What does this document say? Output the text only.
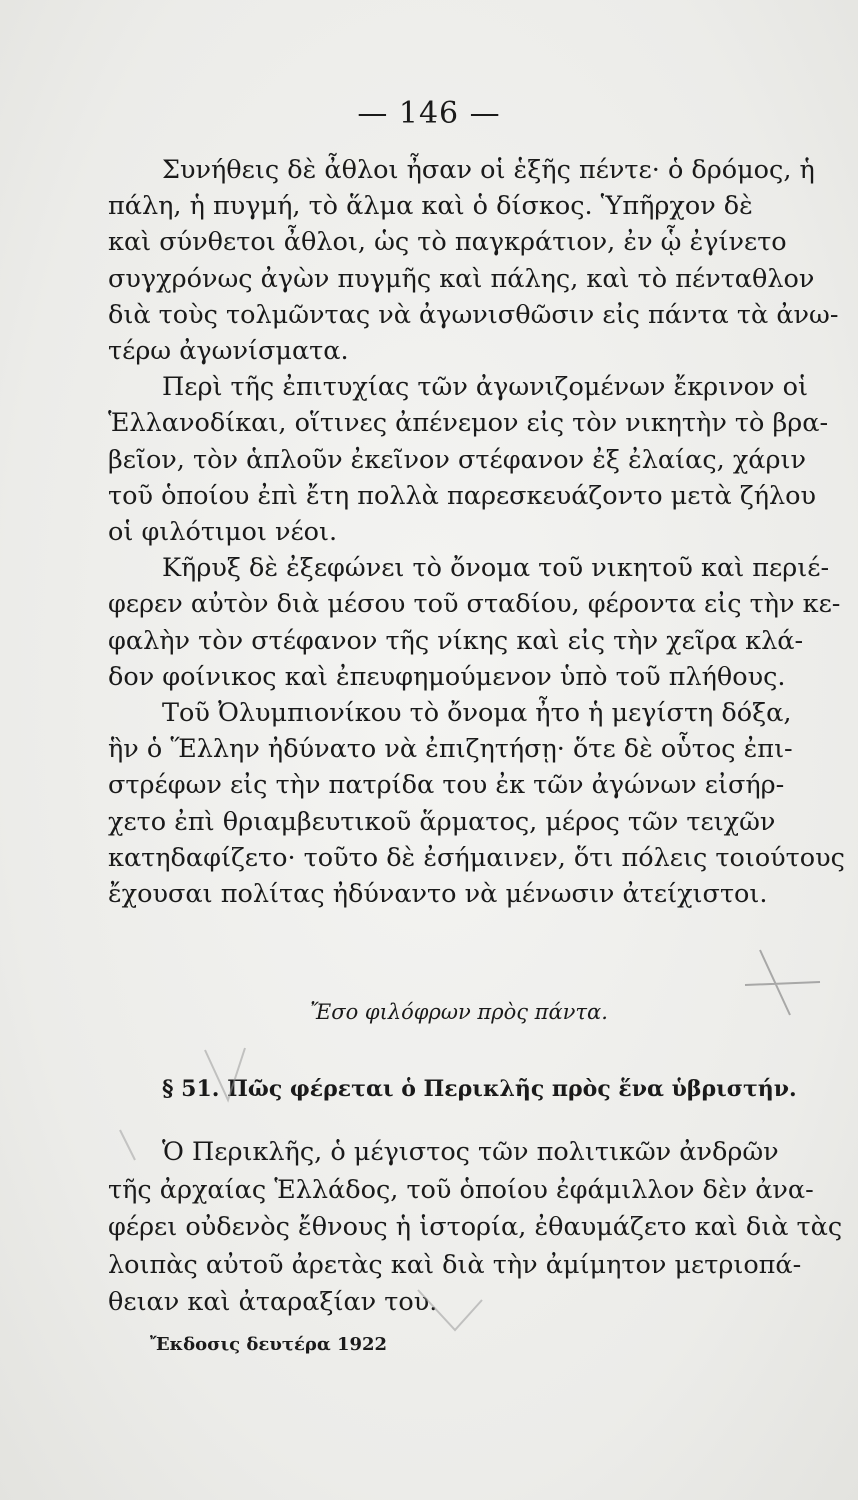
— 146 —

Συνήθεις δὲ ἆθλοι ἦσαν οἱ ἑξῆς πέντε· ὁ δρόμος, ἡ
πάλη, ἡ πυγμή, τὸ ἅλμα καὶ ὁ δίσκος. Ὑπῆρχον δὲ
καὶ σύνθετοι ἆθλοι, ὡς τὸ παγκράτιον, ἐν ᾧ ἐγίνετο
συγχρόνως ἀγὼν πυγμῆς καὶ πάλης, καὶ τὸ πένταθλον
διὰ τοὺς τολμῶντας νὰ ἀγωνισθῶσιν εἰς πάντα τὰ ἀνω-
τέρω ἀγωνίσματα.

Περὶ τῆς ἐπιτυχίας τῶν ἀγωνιζομένων ἔκρινον οἱ
Ἑλλανοδίκαι, οἵτινες ἀπένεμον εἰς τὸν νικητὴν τὸ βρα-
βεῖον, τὸν ἁπλοῦν ἐκεῖνον στέφανον ἐξ ἐλαίας, χάριν
τοῦ ὁποίου ἐπὶ ἔτη πολλὰ παρεσκευάζοντο μετὰ ζήλου
οἱ φιλότιμοι νέοι.

Κῆρυξ δὲ ἐξεφώνει τὸ ὄνομα τοῦ νικητοῦ καὶ περιέ-
φερεν αὐτὸν διὰ μέσου τοῦ σταδίου, φέροντα εἰς τὴν κε-
φαλὴν τὸν στέφανον τῆς νίκης καὶ εἰς τὴν χεῖρα κλά-
δον φοίνικος καὶ ἐπευφημούμενον ὑπὸ τοῦ πλήθους.

Τοῦ Ὀλυμπιονίκου τὸ ὄνομα ἦτο ἡ μεγίστη δόξα,
ἣν ὁ Ἕλλην ἠδύνατο νὰ ἐπιζητήσῃ· ὅτε δὲ οὗτος ἐπι-
στρέφων εἰς τὴν πατρίδα του ἐκ τῶν ἀγώνων εἰσήρ-
χετο ἐπὶ θριαμβευτικοῦ ἅρματος, μέρος τῶν τειχῶν
κατηδαφίζετο· τοῦτο δὲ ἐσήμαινεν, ὅτι πόλεις τοιούτους
ἔχουσαι πολίτας ἠδύναντο νὰ μένωσιν ἀτείχιστοι.

Ἔσο φιλόφρων πρὸς πάντα.
§ 51. Πῶς φέρεται ὁ Περικλῆς πρὸς ἕνα ὑβριστήν.
Ὁ Περικλῆς, ὁ μέγιστος τῶν πολιτικῶν ἀνδρῶν
τῆς ἀρχαίας Ἑλλάδος, τοῦ ὁποίου ἐφάμιλλον δὲν ἀνα-
φέρει οὐδενὸς ἔθνους ἡ ἱστορία, ἐθαυμάζετο καὶ διὰ τὰς
λοιπὰς αὐτοῦ ἀρετὰς καὶ διὰ τὴν ἀμίμητον μετριοπά-
θειαν καὶ ἀταραξίαν του.
Ἔκδοσις δευτέρα 1922
